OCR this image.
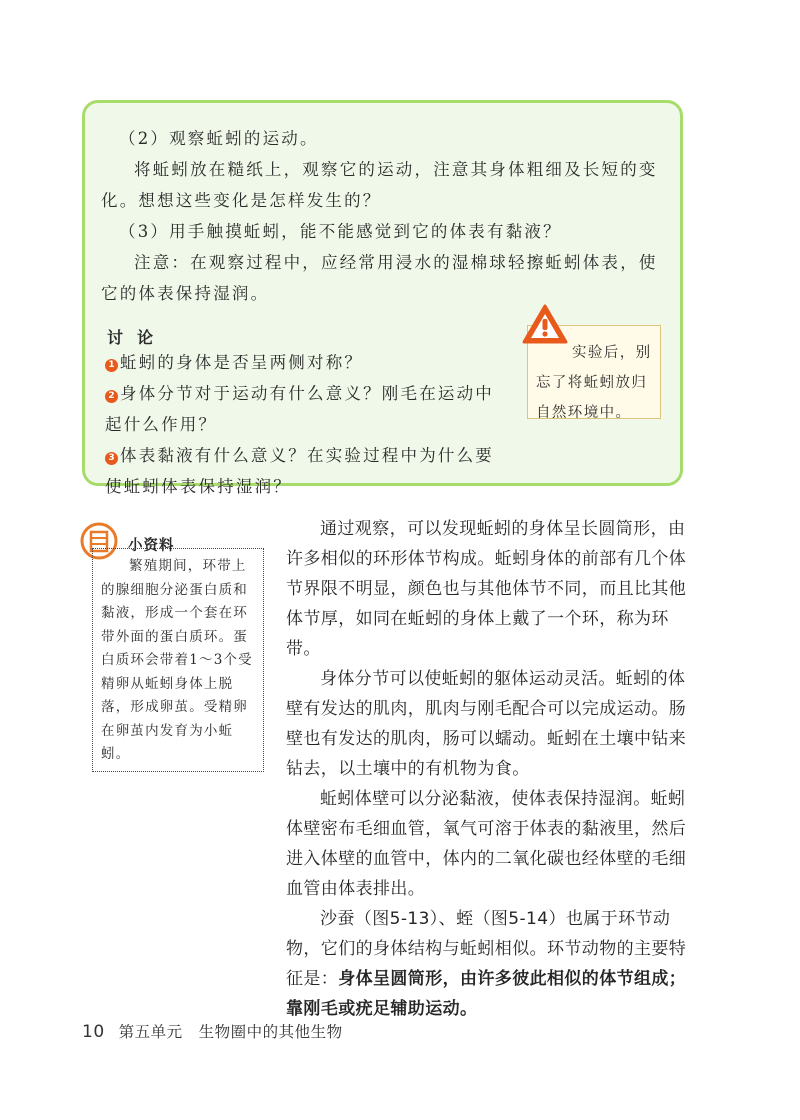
（2）观察蚯蚓的运动。

将蚯蚓放在糙纸上，观察它的运动，注意其身体粗细及长短的变化。想想这些变化是怎样发生的？

（3）用手触摸蚯蚓，能不能感觉到它的体表有黏液？

注意：在观察过程中，应经常用浸水的湿棉球轻擦蚯蚓体表，使它的体表保持湿润。

讨论

1 蚯蚓的身体是否呈两侧对称？
2 身体分节对于运动有什么意义？刚毛在运动中起什么作用？
3 体表黏液有什么意义？在实验过程中为什么要使蚯蚓体表保持湿润？

实验后，别忘了将蚯蚓放归自然环境中。

小资料

繁殖期间，环带上的腺细胞分泌蛋白质和黏液，形成一个套在环带外面的蛋白质环。蛋白质环会带着1～3个受精卵从蚯蚓身体上脱落，形成卵茧。受精卵在卵茧内发育为小蚯蚓。

通过观察，可以发现蚯蚓的身体呈长圆筒形，由许多相似的环形体节构成。蚯蚓身体的前部有几个体节界限不明显，颜色也与其他体节不同，而且比其他体节厚，如同在蚯蚓的身体上戴了一个环，称为环带。

身体分节可以使蚯蚓的躯体运动灵活。蚯蚓的体壁有发达的肌肉，肌肉与刚毛配合可以完成运动。肠壁也有发达的肌肉，肠可以蠕动。蚯蚓在土壤中钻来钻去，以土壤中的有机物为食。

蚯蚓体壁可以分泌黏液，使体表保持湿润。蚯蚓体壁密布毛细血管，氧气可溶于体表的黏液里，然后进入体壁的血管中，体内的二氧化碳也经体壁的毛细血管由体表排出。

沙蚕（图5-13）、蛭（图5-14）也属于环节动物，它们的身体结构与蚯蚓相似。环节动物的主要特征是：身体呈圆筒形，由许多彼此相似的体节组成；靠刚毛或疣足辅助运动。

10 第五单元　生物圈中的其他生物
